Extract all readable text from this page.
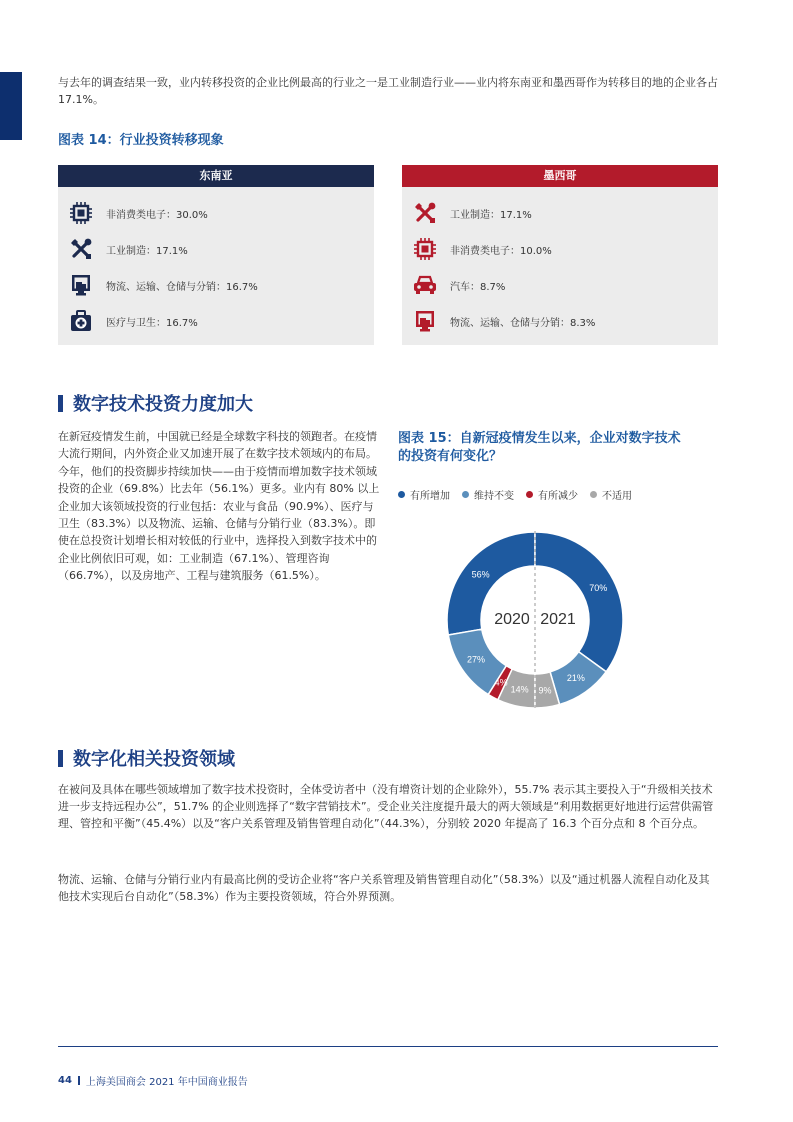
与去年的调查结果一致，业内转移投资的企业比例最高的行业之一是工业制造行业——业内将东南亚和墨西哥作为转移目的地的企业各占 17.1%。

图表 14：行业投资转移现象

东南亚
非消费类电子：30.0%
工业制造：17.1%
物流、运输、仓储与分销：16.7%
医疗与卫生：16.7%
墨西哥
工业制造：17.1%
非消费类电子：10.0%
汽车：8.7%
物流、运输、仓储与分销：8.3%
数字技术投资力度加大

在新冠疫情发生前，中国就已经是全球数字科技的领跑者。在疫情大流行期间，内外资企业又加速开展了在数字技术领域内的布局。今年，他们的投资脚步持续加快——由于疫情而增加数字技术领域投资的企业（69.8%）比去年（56.1%）更多。业内有 80% 以上企业加大该领域投资的行业包括：农业与食品（90.9%）、医疗与卫生（83.3%）以及物流、运输、仓储与分销行业（83.3%）。即使在总投资计划增长相对较低的行业中，选择投入到数字技术中的企业比例依旧可观，如：工业制造（67.1%）、管理咨询（66.7%），以及房地产、工程与建筑服务（61.5%）。

图表 15：自新冠疫情发生以来，企业对数字技术
的投资有何变化？

有所增加 维持不变 有所减少 不适用
2020 2021
56%
27%
4%
14%
70%
21%
9%
数字化相关投资领域

在被问及具体在哪些领域增加了数字技术投资时，全体受访者中（没有增资计划的企业除外），55.7% 表示其主要投入于“升级相关技术进一步支持远程办公”，51.7% 的企业则选择了“数字营销技术”。受企业关注度提升最大的两大领域是“利用数据更好地进行运营供需管理、管控和平衡”（45.4%）以及“客户关系管理及销售管理自动化”（44.3%），分别较 2020 年提高了 16.3 个百分点和 8 个百分点。

物流、运输、仓储与分销行业内有最高比例的受访企业将“客户关系管理及销售管理自动化”（58.3%）以及“通过机器人流程自动化及其他技术实现后台自动化”（58.3%）作为主要投资领域，符合外界预测。

44 上海美国商会 2021 年中国商业报告
